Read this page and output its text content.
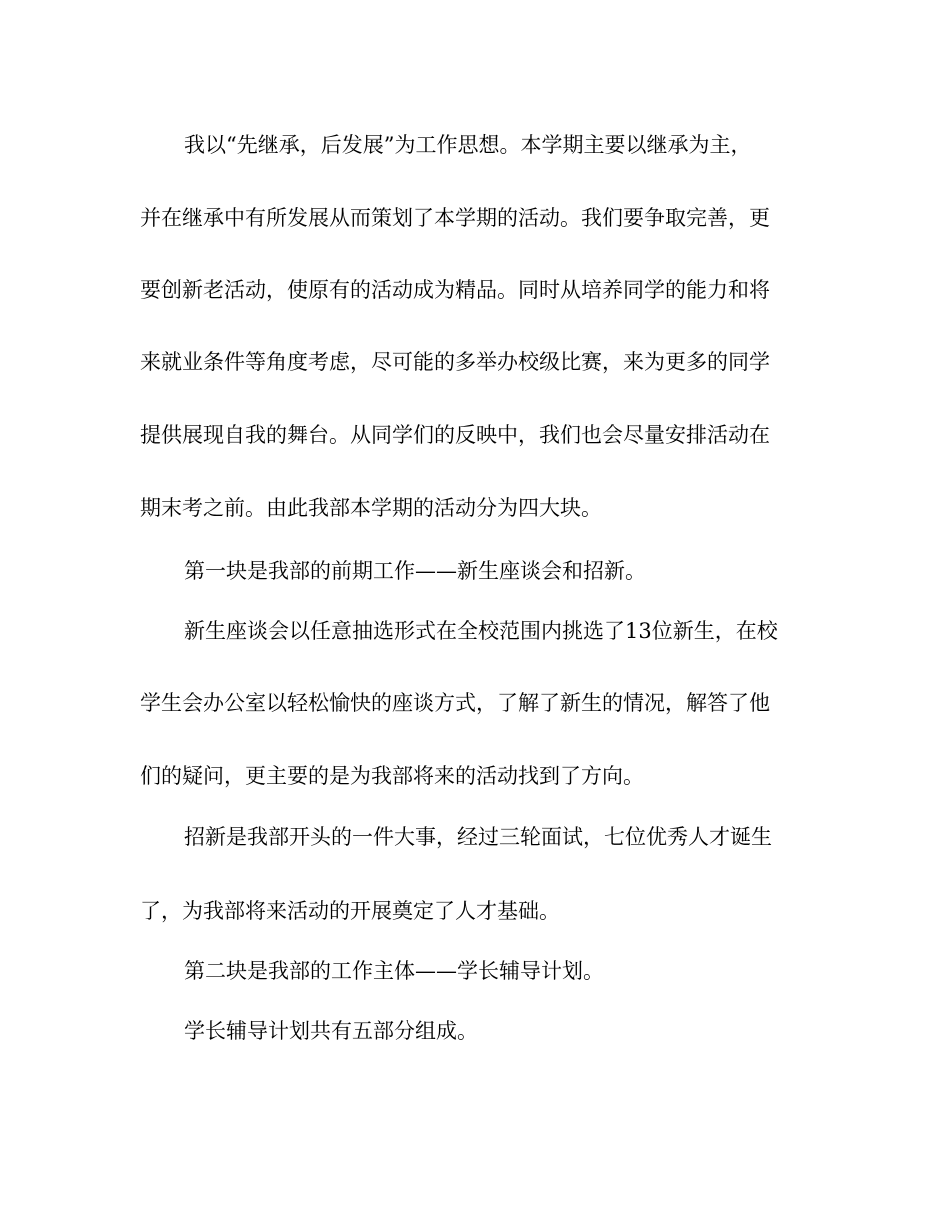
我以“先继承，后发展”为工作思想。本学期主要以继承为主，

并在继承中有所发展从而策划了本学期的活动。我们要争取完善，更

要创新老活动，使原有的活动成为精品。同时从培养同学的能力和将

来就业条件等角度考虑，尽可能的多举办校级比赛，来为更多的同学

提供展现自我的舞台。从同学们的反映中，我们也会尽量安排活动在

期末考之前。由此我部本学期的活动分为四大块。

第一块是我部的前期工作——新生座谈会和招新。

新生座谈会以任意抽选形式在全校范围内挑选了13位新生，在校

学生会办公室以轻松愉快的座谈方式，了解了新生的情况，解答了他

们的疑问，更主要的是为我部将来的活动找到了方向。

招新是我部开头的一件大事，经过三轮面试，七位优秀人才诞生

了，为我部将来活动的开展奠定了人才基础。

第二块是我部的工作主体——学长辅导计划。

学长辅导计划共有五部分组成。
